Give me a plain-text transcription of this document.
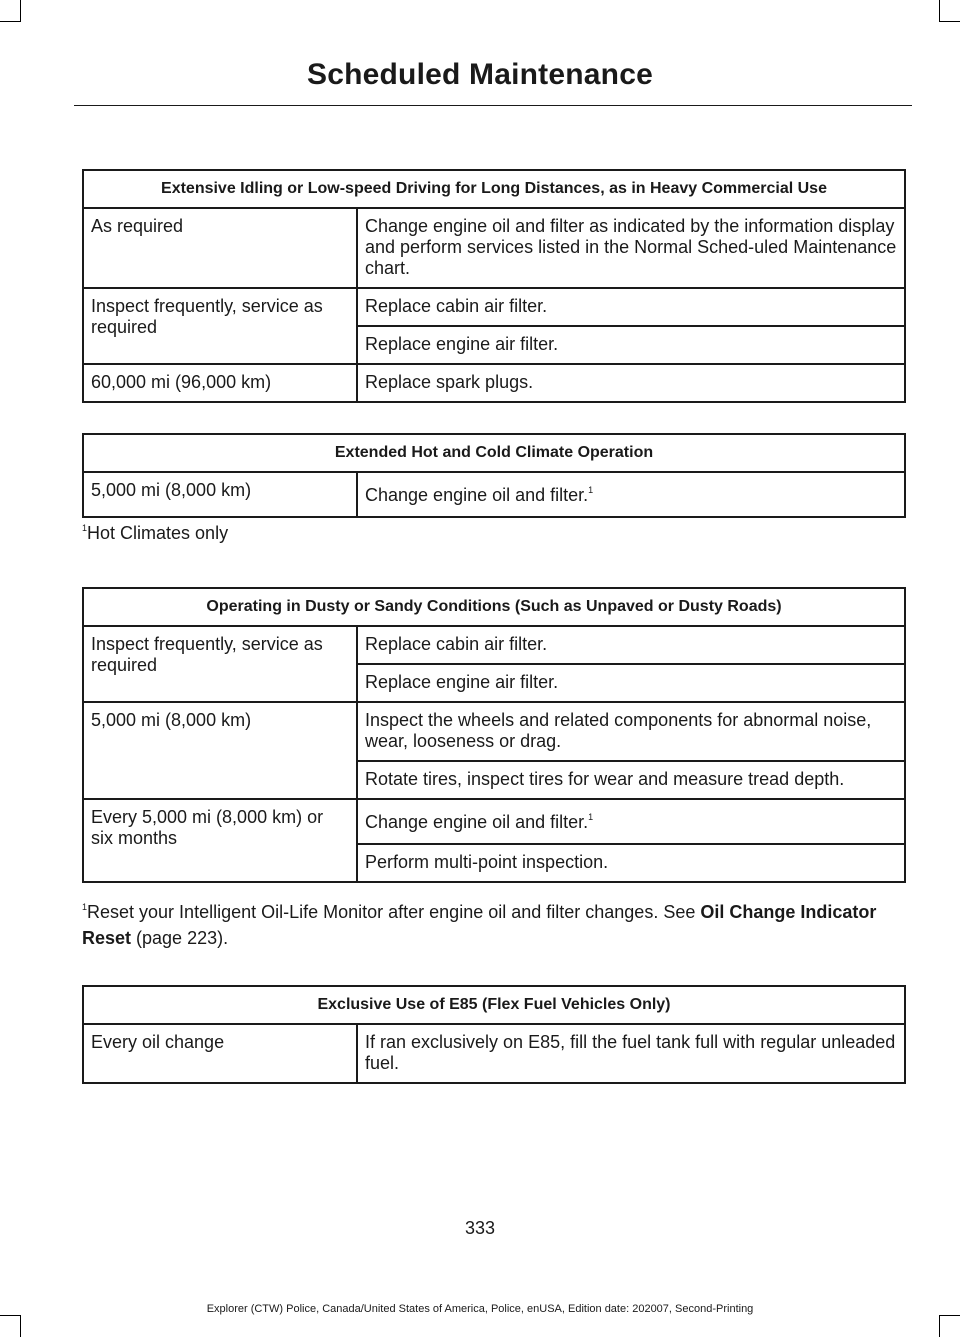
Scheduled Maintenance
Extensive Idling or Low-speed Driving for Long Distances, as in Heavy Commercial Use	
As required	Change engine oil and filter as indicated by the information display and perform services listed in the Normal Sched-uled Maintenance chart.
Inspect frequently, service as required	Replace cabin air filter.
	Replace engine air filter.
60,000 mi (96,000 km)	Replace spark plugs.
Extended Hot and Cold Climate Operation
5,000 mi (8,000 km)	Change engine oil and filter.$^1$
$^1$Hot Climates only
Operating in Dusty or Sandy Conditions (Such as Unpaved or Dusty Roads)	
Inspect frequently, service as required	Replace cabin air filter.
	Replace engine air filter.
5,000 mi (8,000 km)	Inspect the wheels and related components for abnormal noise, wear, looseness or drag.
	Rotate tires, inspect tires for wear and measure tread depth.
Every 5,000 mi (8,000 km) or six months	Change engine oil and filter.$^1$
	Perform multi-point inspection.
$^1$Reset your Intelligent Oil-Life Monitor after engine oil and filter changes. See Oil Change Indicator Reset (page 223).
Exclusive Use of E85 (Flex Fuel Vehicles Only)
Every oil change	If ran exclusively on E85, fill the fuel tank full with regular unleaded fuel.
333
Explorer (CTW) Police, Canada/United States of America, Police, enUSA, Edition date: 202007, Second-Printing
